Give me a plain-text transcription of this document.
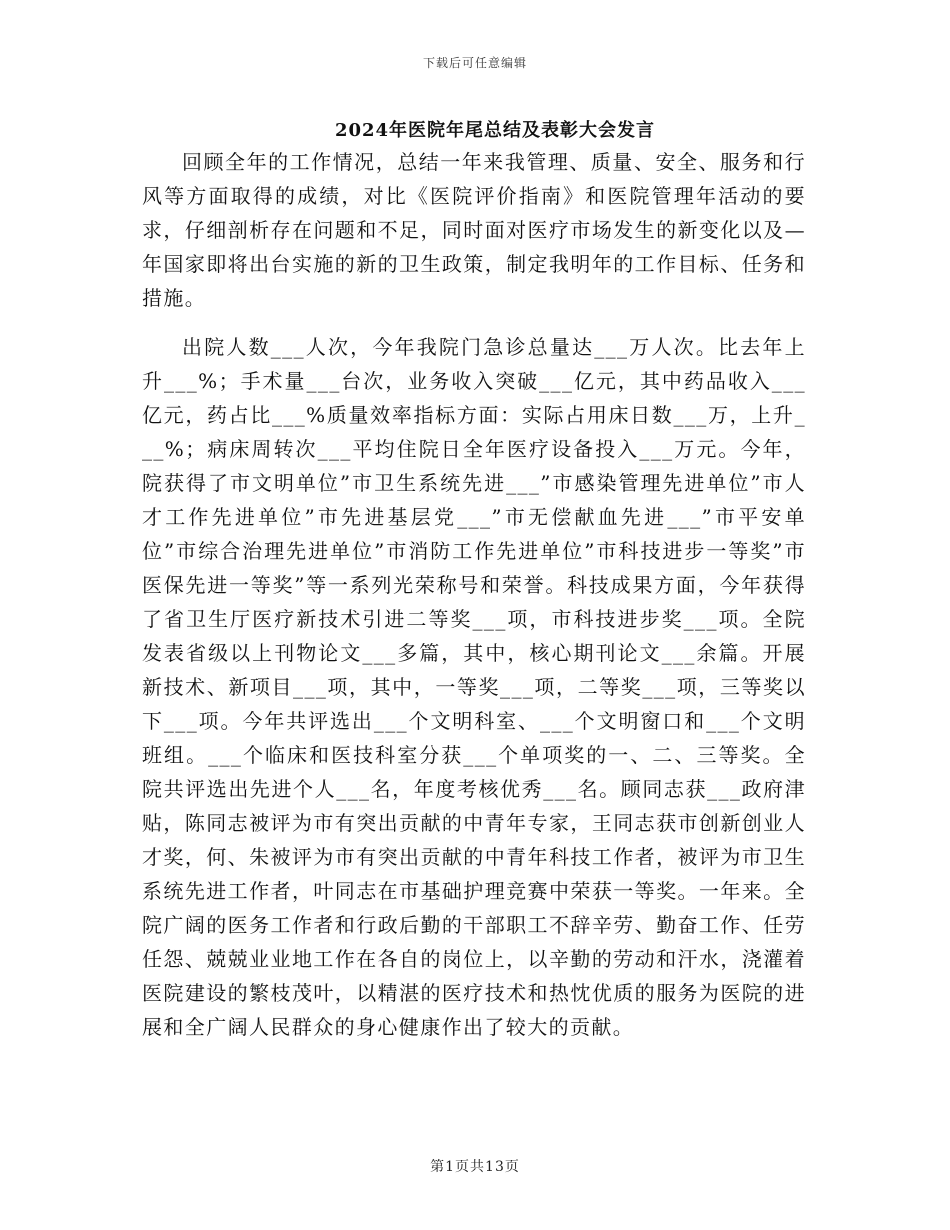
下载后可任意编辑
2024年医院年尾总结及表彰大会发言

回顾全年的工作情况，总结一年来我管理、质量、安全、服务和行风等方面取得的成绩，对比《医院评价指南》和医院管理年活动的要求，仔细剖析存在问题和不足，同时面对医疗市场发生的新变化以及—年国家即将出台实施的新的卫生政策，制定我明年的工作目标、任务和措施。

出院人数___人次，今年我院门急诊总量达___万人次。比去年上升___%；手术量___台次，业务收入突破___亿元，其中药品收入___亿元，药占比___%质量效率指标方面：实际占用床日数___万，上升___%；病床周转次___平均住院日全年医疗设备投入___万元。今年，院获得了市文明单位”市卫生系统先进___”市感染管理先进单位”市人才工作先进单位”市先进基层党___”市无偿献血先进___”市平安单位”市综合治理先进单位”市消防工作先进单位”市科技进步一等奖”市医保先进一等奖”等一系列光荣称号和荣誉。科技成果方面，今年获得了省卫生厅医疗新技术引进二等奖___项，市科技进步奖___项。全院发表省级以上刊物论文___多篇，其中，核心期刊论文___余篇。开展新技术、新项目___项，其中，一等奖___项，二等奖___项，三等奖以下___项。今年共评选出___个文明科室、___个文明窗口和___个文明班组。___个临床和医技科室分获___个单项奖的一、二、三等奖。全院共评选出先进个人___名，年度考核优秀___名。顾同志获___政府津贴，陈同志被评为市有突出贡献的中青年专家，王同志获市创新创业人才奖，何、朱被评为市有突出贡献的中青年科技工作者，被评为市卫生系统先进工作者，叶同志在市基础护理竞赛中荣获一等奖。一年来。全院广阔的医务工作者和行政后勤的干部职工不辞辛劳、勤奋工作、任劳任怨、兢兢业业地工作在各自的岗位上，以辛勤的劳动和汗水，浇灌着医院建设的繁枝茂叶，以精湛的医疗技术和热忱优质的服务为医院的进展和全广阔人民群众的身心健康作出了较大的贡献。

第1页共13页
